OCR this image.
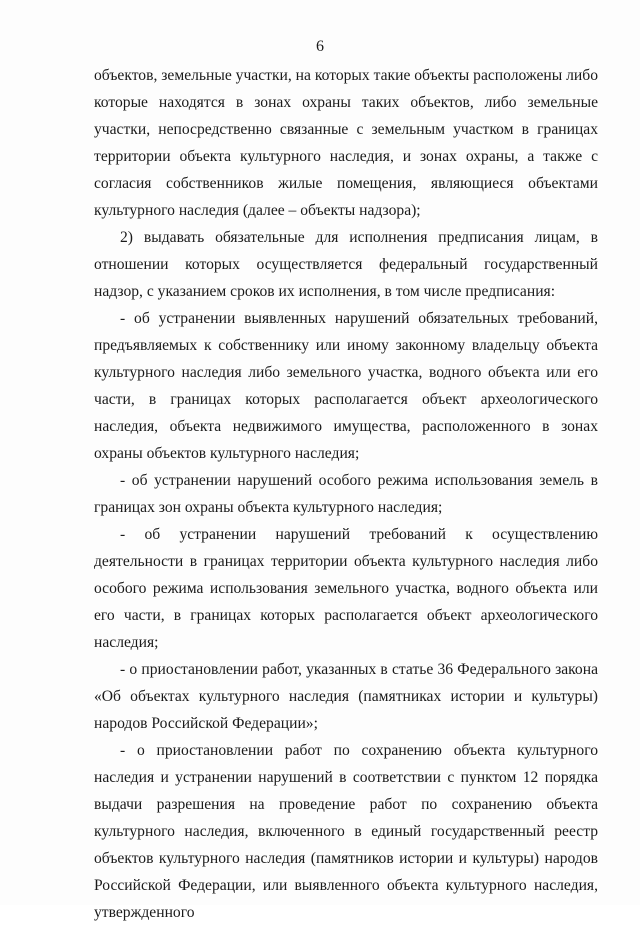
6

объектов, земельные участки, на которых такие объекты расположены либо которые находятся в зонах охраны таких объектов, либо земельные участки, непосредственно связанные с земельным участком в границах территории объекта культурного наследия, и зонах охраны, а также с согласия собственников жилые помещения, являющиеся объектами культурного наследия (далее – объекты надзора);

2) выдавать обязательные для исполнения предписания лицам, в отношении которых осуществляется федеральный государственный надзор, с указанием сроков их исполнения, в том числе предписания:

- об устранении выявленных нарушений обязательных требований, предъявляемых к собственнику или иному законному владельцу объекта культурного наследия либо земельного участка, водного объекта или его части, в границах которых располагается объект археологического наследия, объекта недвижимого имущества, расположенного в зонах охраны объектов культурного наследия;

- об устранении нарушений особого режима использования земель в границах зон охраны объекта культурного наследия;

- об устранении нарушений требований к осуществлению деятельности в границах территории объекта культурного наследия либо особого режима использования земельного участка, водного объекта или его части, в границах которых располагается объект археологического наследия;

- о приостановлении работ, указанных в статье 36 Федерального закона «Об объектах культурного наследия (памятниках истории и культуры) народов Российской Федерации»;

- о приостановлении работ по сохранению объекта культурного наследия и устранении нарушений в соответствии с пунктом 12 порядка выдачи разрешения на проведение работ по сохранению объекта культурного наследия, включенного в единый государственный реестр объектов культурного наследия (памятников истории и культуры) народов Российской Федерации, или выявленного объекта культурного наследия, утвержденного
